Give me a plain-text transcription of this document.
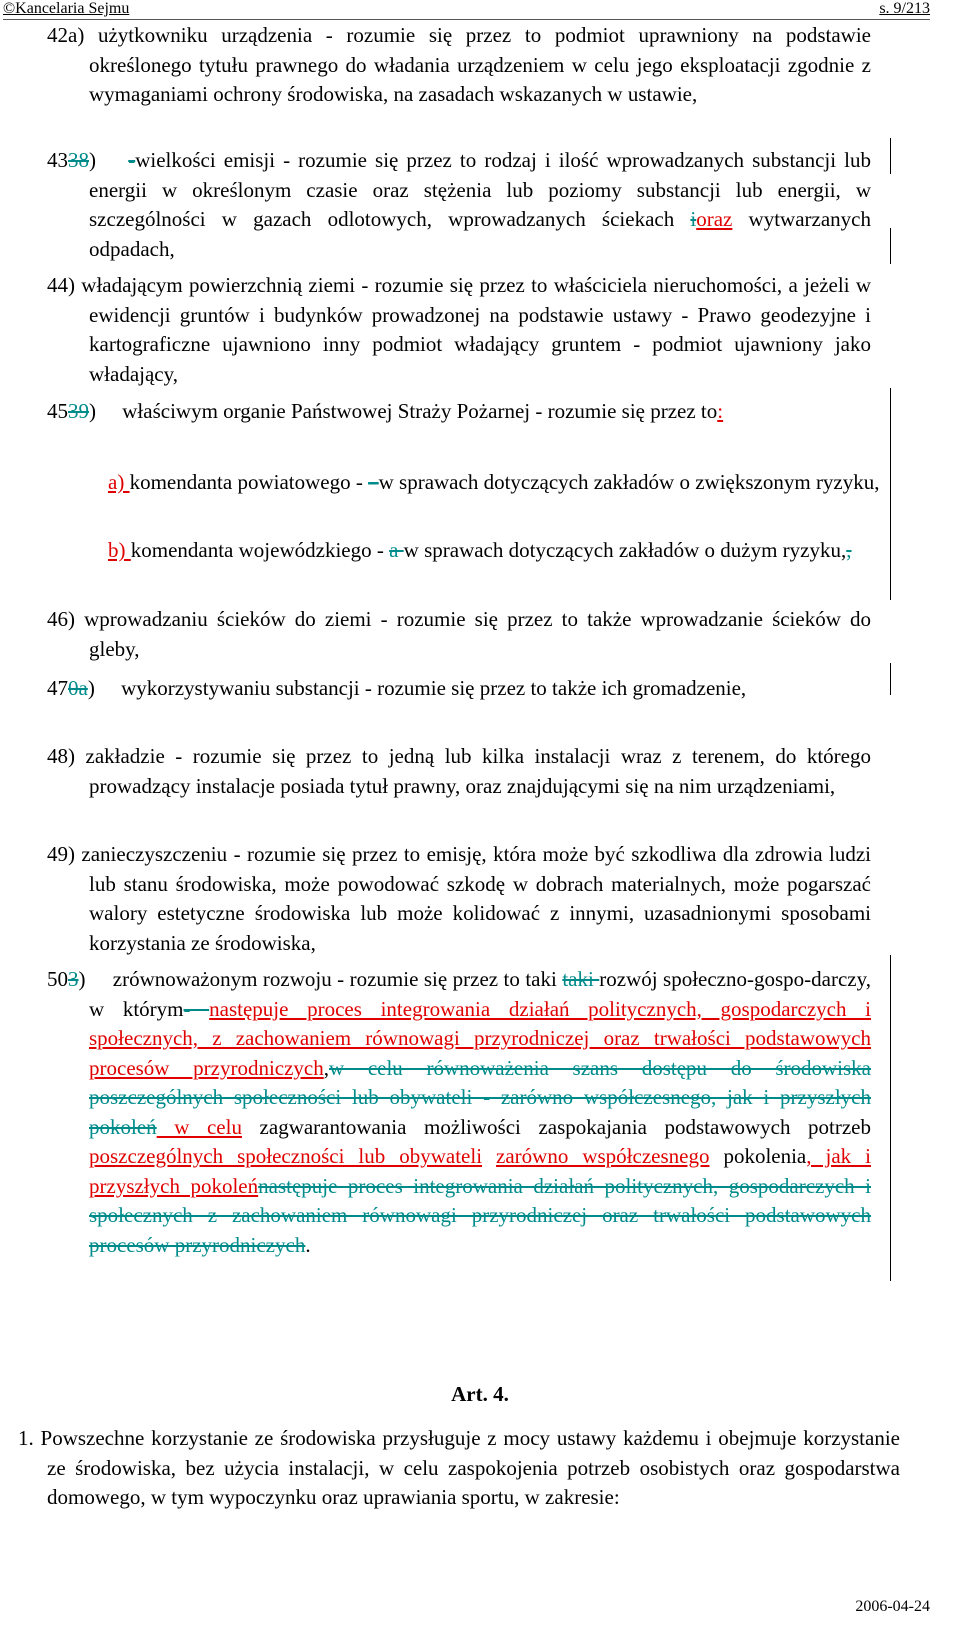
©Kancelaria Sejmu	s. 9/213
42a) użytkowniku urządzenia - rozumie się przez to podmiot uprawniony na podstawie określonego tytułu prawnego do władania urządzeniem w celu jego eksploatacji zgodnie z wymaganiami ochrony środowiska, na zasadach wskazanych w ustawie,
4338) -wielkości emisji - rozumie się przez to rodzaj i ilość wprowadzanych substancji lub energii w określonym czasie oraz stężenia lub poziomy substancji lub energii, w szczególności w gazach odlotowych, wprowadzanych ściekach ioraz wytwarzanych odpadach,
44) władającym powierzchnią ziemi - rozumie się przez to właściciela nieruchomości, a jeżeli w ewidencji gruntów i budynków prowadzonej na podstawie ustawy - Prawo geodezyjne i kartograficzne ujawniono inny podmiot władający gruntem - podmiot ujawniony jako władający,
4539)     właściwym organie Państwowej Straży Pożarnej - rozumie się przez to:
a) komendanta powiatowego - –w sprawach dotyczących zakładów o zwiększonym ryzyku,
b) komendanta wojewódzkiego - a w sprawach dotyczących zakładów o dużym ryzyku,,
46) wprowadzaniu ścieków do ziemi - rozumie się przez to także wprowadzanie ścieków do gleby,
470a)     wykorzystywaniu substancji - rozumie się przez to także ich gromadzenie,
48) zakładzie - rozumie się przez to jedną lub kilka instalacji wraz z terenem, do którego prowadzący instalacje posiada tytuł prawny, oraz znajdującymi się na nim urządzeniami,
49) zanieczyszczeniu - rozumie się przez to emisję, która może być szkodliwa dla zdrowia ludzi lub stanu środowiska, może powodować szkodę w dobrach materialnych, może pogarszać walory estetyczne środowiska lub może kolidować z innymi, uzasadnionymi sposobami korzystania ze środowiska,
503)     zrównoważonym rozwoju - rozumie się przez to taki taki rozwój społeczno-gospo-darczy, w którym- następuje proces integrowania działań politycznych, gospodarczych i społecznych, z zachowaniem równowagi przyrodniczej oraz trwałości podstawowych procesów przyrodniczych,w celu równoważenia szans dostępu do środowiska poszczególnych społeczności lub obywateli - zarówno współczesnego, jak i przyszłych pokoleń w celu zagwarantowania możliwości zaspokajania podstawowych potrzeb poszczególnych społeczności lub obywateli zarówno współczesnego pokolenia, jak i przyszłych pokoleńnastępuje proces integrowania działań politycznych, gospodarczych i społecznych z zachowaniem równowagi przyrodniczej oraz trwałości podstawowych procesów przyrodniczych.
Art. 4.
1. Powszechne korzystanie ze środowiska przysługuje z mocy ustawy każdemu i obejmuje korzystanie ze środowiska, bez użycia instalacji, w celu zaspokojenia potrzeb osobistych oraz gospodarstwa domowego, w tym wypoczynku oraz uprawiania sportu, w zakresie:
2006-04-24
